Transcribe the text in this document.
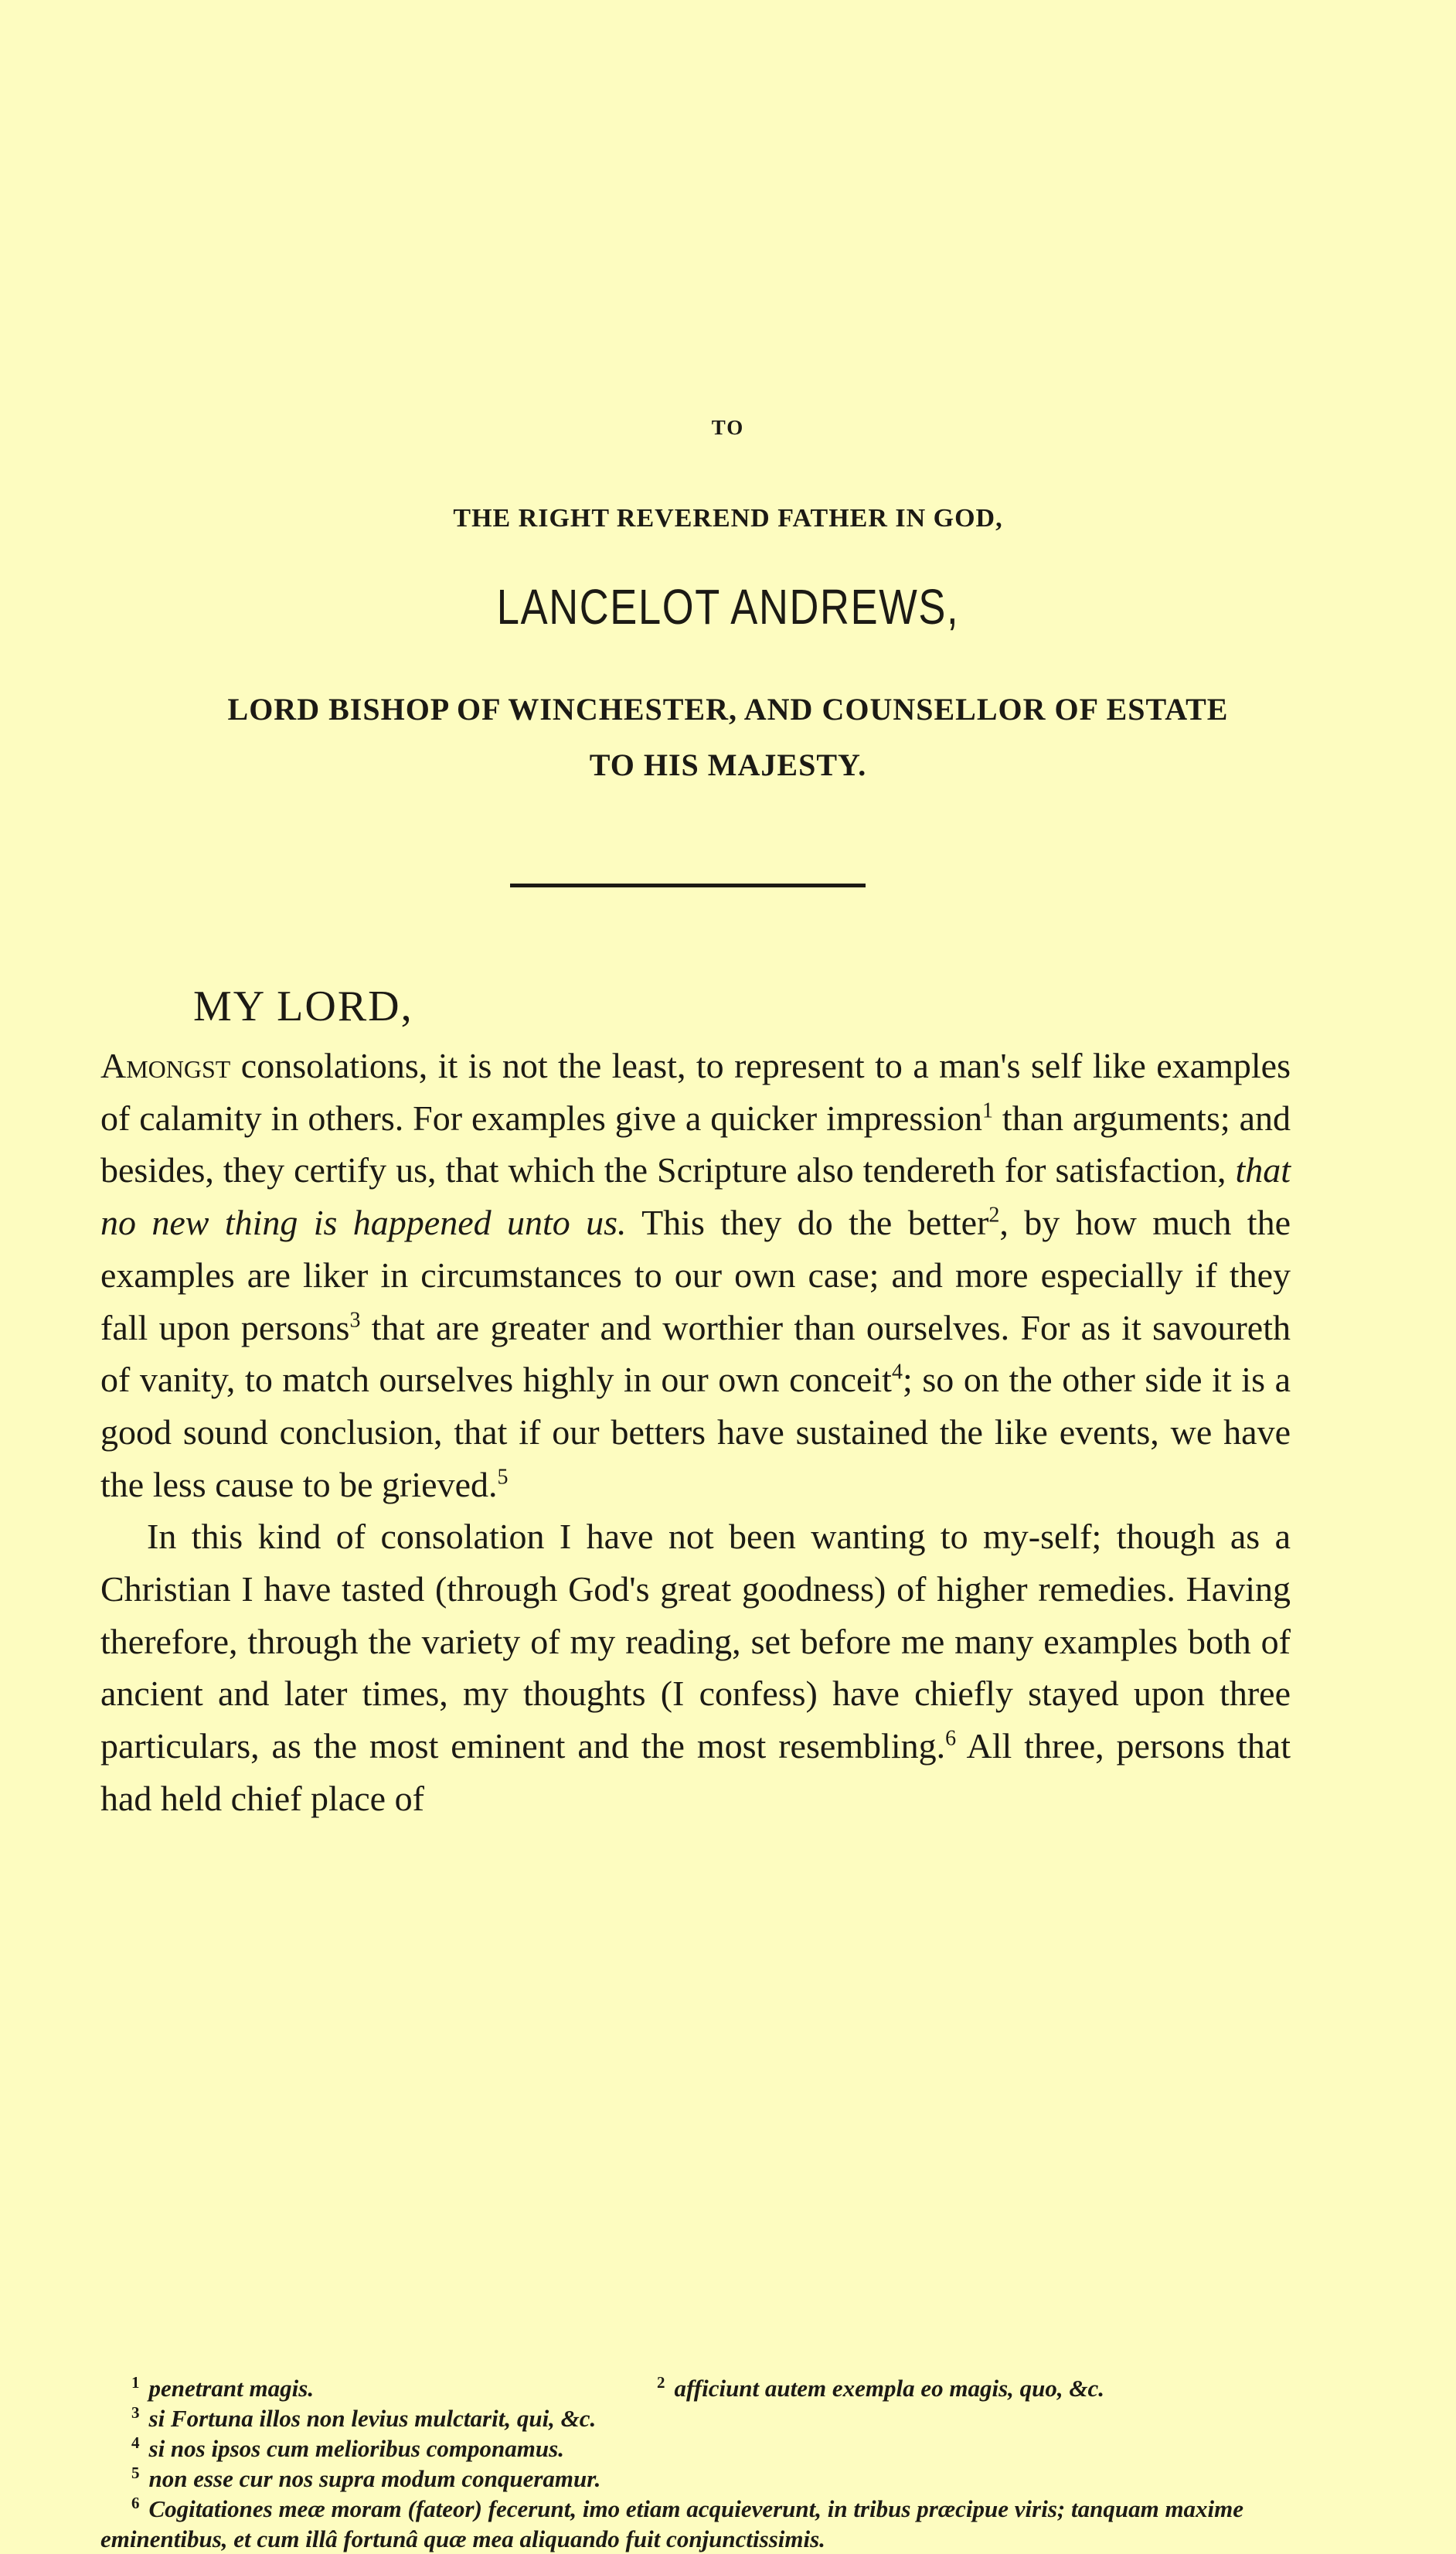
TO
THE RIGHT REVEREND FATHER IN GOD,
LANCELOT ANDREWS,
LORD BISHOP OF WINCHESTER, AND COUNSELLOR OF ESTATE
TO HIS MAJESTY.
MY LORD,

Amongst consolations, it is not the least, to represent to a man's self like examples of calamity in others. For examples give a quicker impression$^1$ than arguments; and besides, they certify us, that which the Scripture also tendereth for satisfaction, that no new thing is happened unto us. This they do the better$^2$, by how much the examples are liker in circumstances to our own case; and more especially if they fall upon persons$^3$ that are greater and worthier than ourselves. For as it savoureth of vanity, to match ourselves highly in our own conceit$^4$; so on the other side it is a good sound conclusion, that if our betters have sustained the like events, we have the less cause to be grieved.$^5$

In this kind of consolation I have not been wanting to my-self; though as a Christian I have tasted (through God's great goodness) of higher remedies. Having therefore, through the variety of my reading, set before me many examples both of ancient and later times, my thoughts (I confess) have chiefly stayed upon three particulars, as the most eminent and the most resembling.$^6$ All three, persons that had held chief place of

$^1$ penetrant magis.	$^2$ afficiunt autem exempla eo magis, quo, &c.
$^3$ si Fortuna illos non levius mulctarit, qui, &c.
$^4$ si nos ipsos cum melioribus componamus.
$^5$ non esse cur nos supra modum conqueramur.
$^6$ Cogitationes meæ moram (fateor) fecerunt, imo etiam acquieverunt, in tribus præcipue viris; tanquam maxime eminentibus, et cum illâ fortunâ quæ mea aliquando fuit conjunctissimis.
